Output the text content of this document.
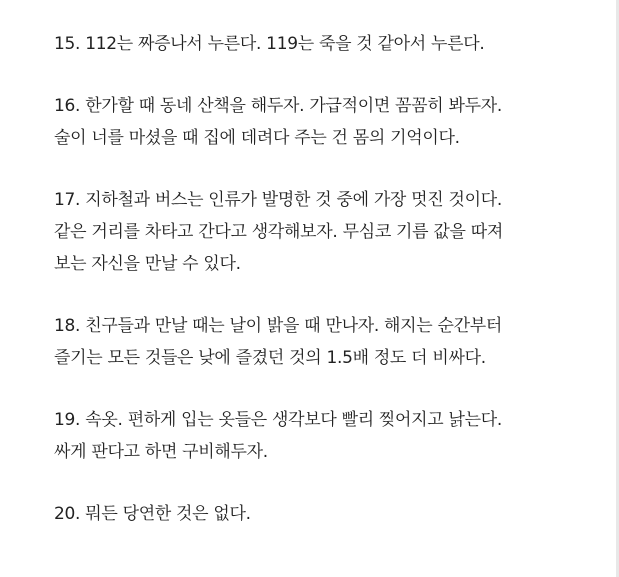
15. 112는 짜증나서 누른다. 119는 죽을 것 같아서 누른다.
16. 한가할 때 동네 산책을 해두자. 가급적이면 꼼꼼히 봐두자.
술이 너를 마셨을 때 집에 데려다 주는 건 몸의 기억이다.
17. 지하철과 버스는 인류가 발명한 것 중에 가장 멋진 것이다.
같은 거리를 차타고 간다고 생각해보자. 무심코 기름 값을 따져
보는 자신을 만날 수 있다.
18. 친구들과 만날 때는 날이 밝을 때 만나자. 해지는 순간부터
즐기는 모든 것들은 낮에 즐겼던 것의 1.5배 정도 더 비싸다.
19. 속옷. 편하게 입는 옷들은 생각보다 빨리 찢어지고 낡는다.
싸게 판다고 하면 구비해두자.
20. 뭐든 당연한 것은 없다.
